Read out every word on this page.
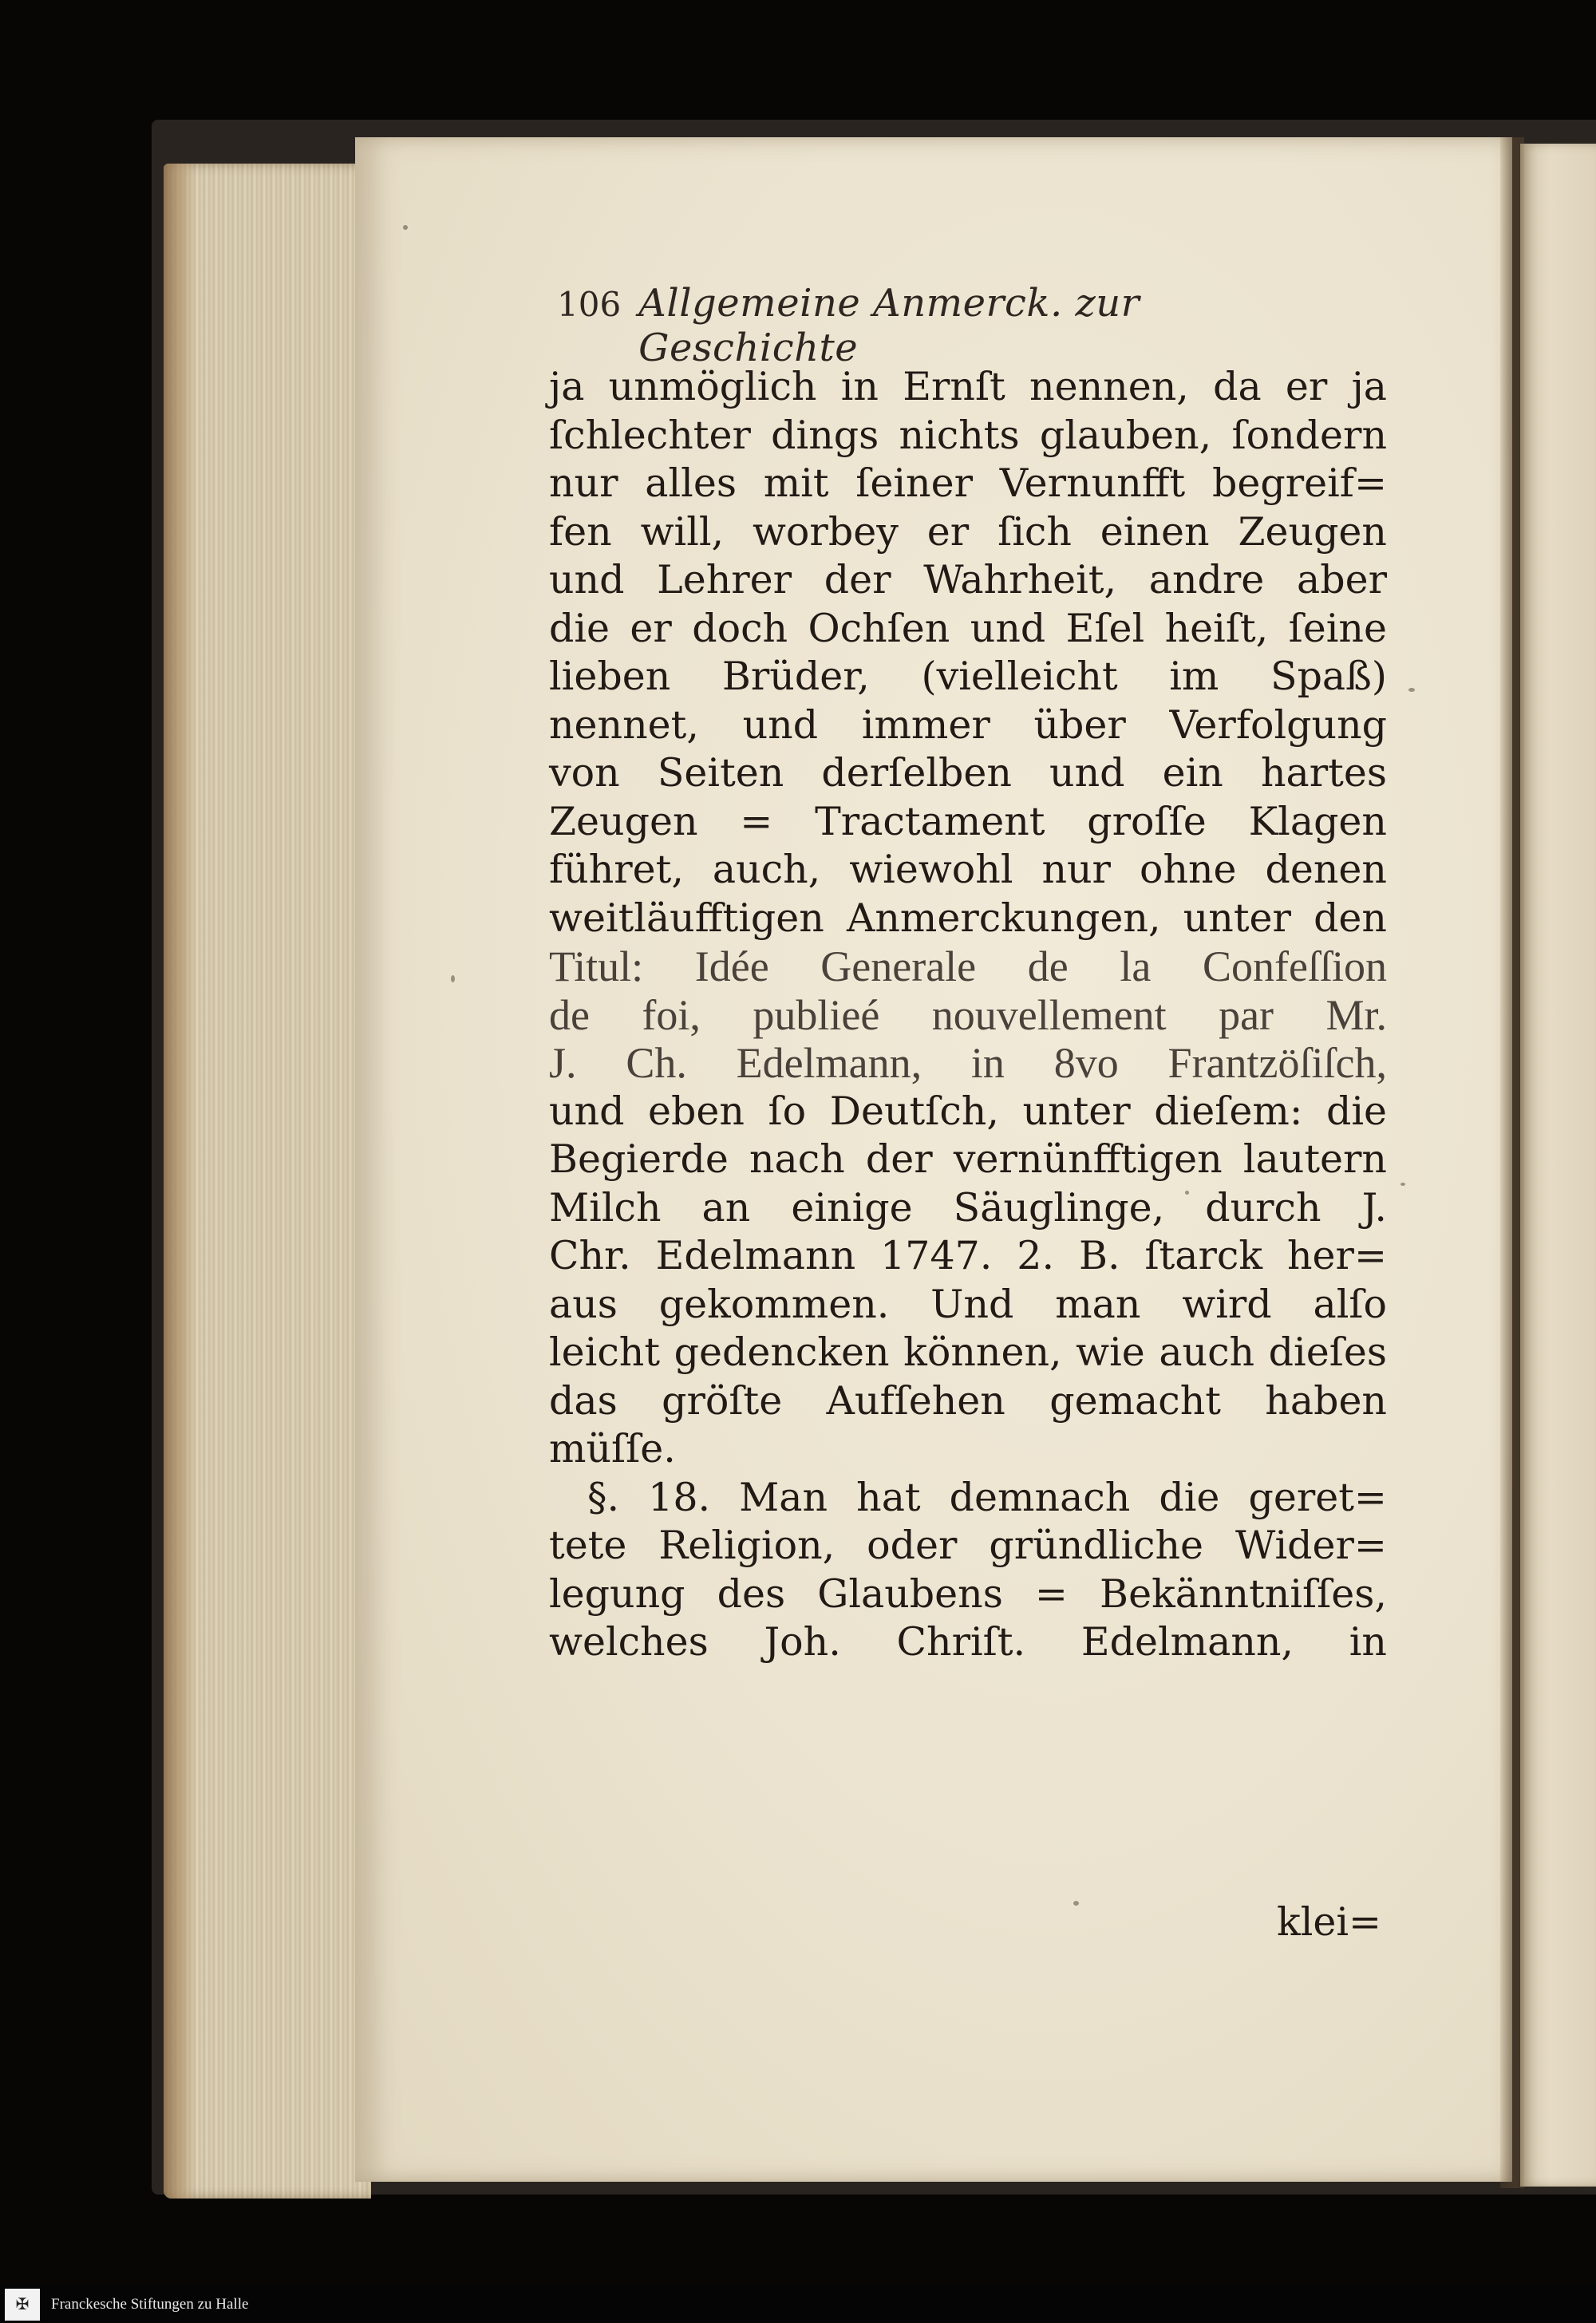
106 Allgemeine Anmerck. zur Geschichte
ja unmöglich in Ernſt nennen, da er ja
ſchlechter dings nichts glauben, ſondern
nur alles mit ſeiner Vernunfft begreif=
fen will, worbey er ſich einen Zeugen
und Lehrer der Wahrheit, andre aber
die er doch Ochſen und Eſel heiſt, ſeine
lieben Brüder, (vielleicht im Spaß)
nennet, und immer über Verfolgung
von Seiten derſelben und ein hartes
Zeugen = Tractament groſſe Klagen
führet, auch, wiewohl nur ohne denen
weitläufftigen Anmerckungen, unter den
Titul: Idée Generale de la Confeſſion
de foi, publieé nouvellement par Mr.
J. Ch. Edelmann, in 8vo Frantzöſiſch,
und eben ſo Deutſch, unter dieſem: die
Begierde nach der vernünfftigen lautern
Milch an einige Säuglinge, durch J.
Chr. Edelmann 1747. 2. B. ſtarck her=
aus gekommen. Und man wird alſo
leicht gedencken können, wie auch dieſes
das gröſte Aufſehen gemacht haben
müſſe.
§. 18. Man hat demnach die geret=
tete Religion, oder gründliche Wider=
legung des Glaubens = Bekänntniſſes,
welches Joh. Chriſt. Edelmann, in
klei=
✠	Franckesche Stiftungen zu Halle
